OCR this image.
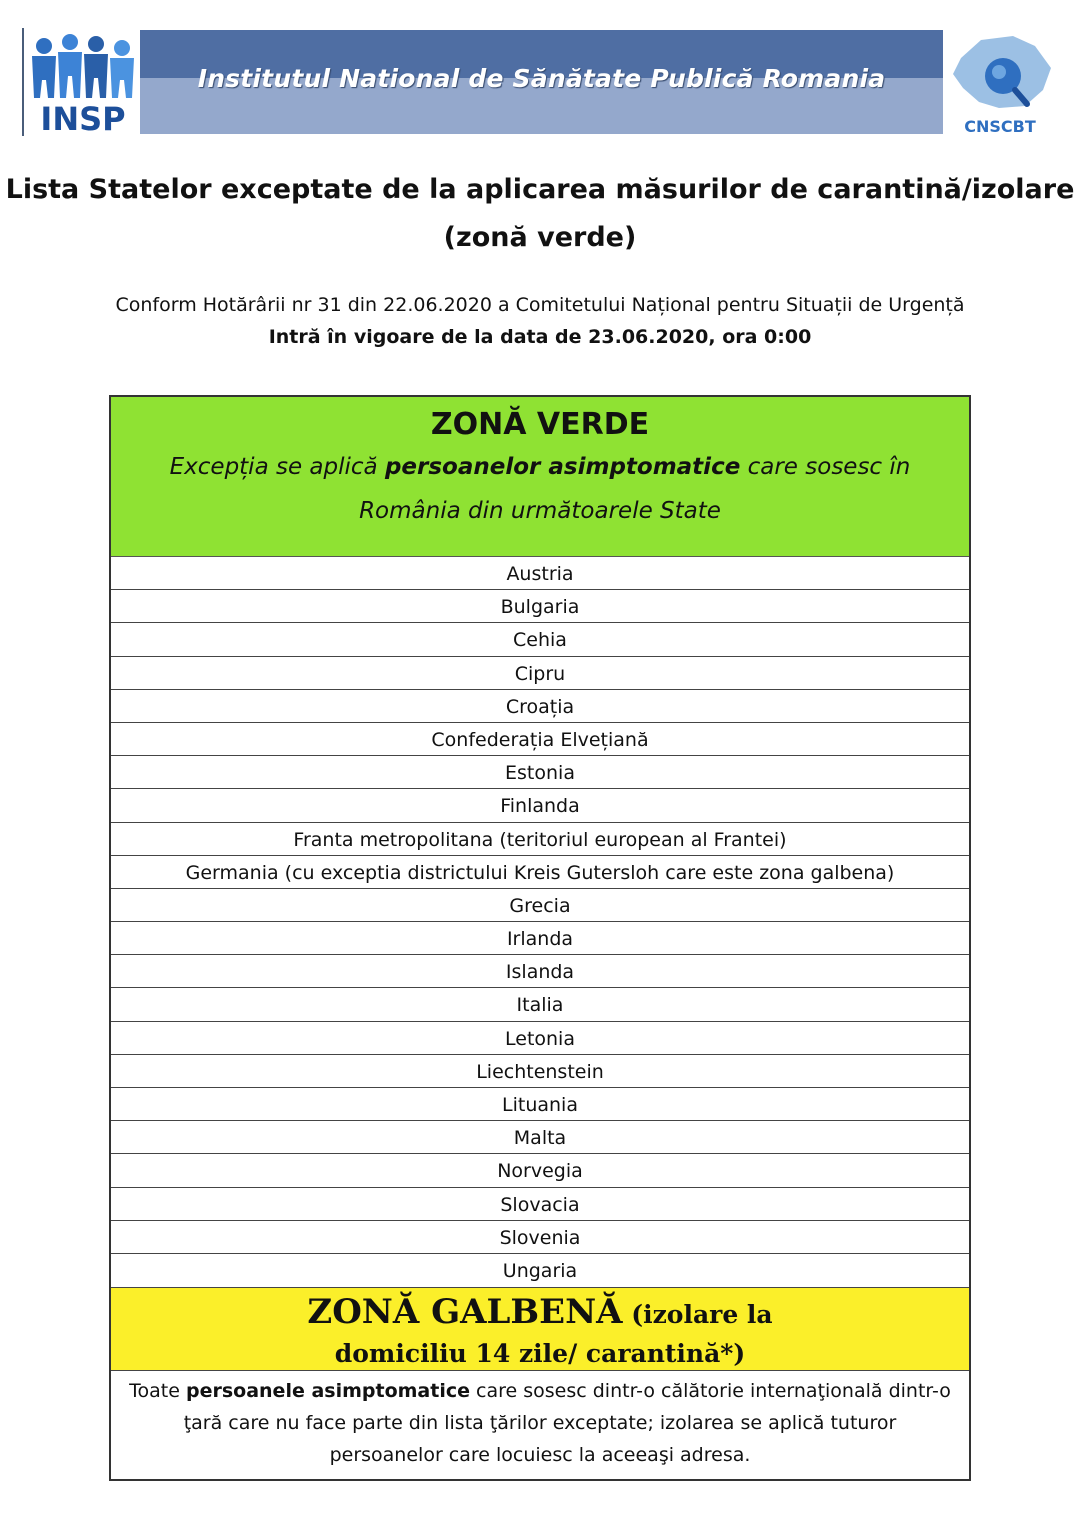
INSP
Institutul National de Sănătate Publică Romania
CNSCBT
Lista Statelor exceptate de la aplicarea măsurilor de carantină/izolare
(zonă verde)
Conform Hotărârii nr 31 din 22.06.2020 a Comitetului Național pentru Situații de Urgență
Intră în vigoare de la data de 23.06.2020, ora 0:00
ZONĂ VERDE
Excepția se aplică persoanelor asimptomatice care sosesc în România din următoarele State
Austria
Bulgaria
Cehia
Cipru
Croația
Confederația Elvețiană
Estonia
Finlanda
Franta metropolitana (teritoriul european al Frantei)
Germania (cu exceptia districtului Kreis Gutersloh care este zona galbena)
Grecia
Irlanda
Islanda
Italia
Letonia
Liechtenstein
Lituania
Malta
Norvegia
Slovacia
Slovenia
Ungaria
ZONĂ GALBENĂ (izolare la
domiciliu 14 zile/ carantină*)
Toate persoanele asimptomatice care sosesc dintr-o călătorie internaţională dintr-o ţară care nu face parte din lista ţărilor exceptate; izolarea se aplică tuturor persoanelor care locuiesc la aceeaşi adresa.
